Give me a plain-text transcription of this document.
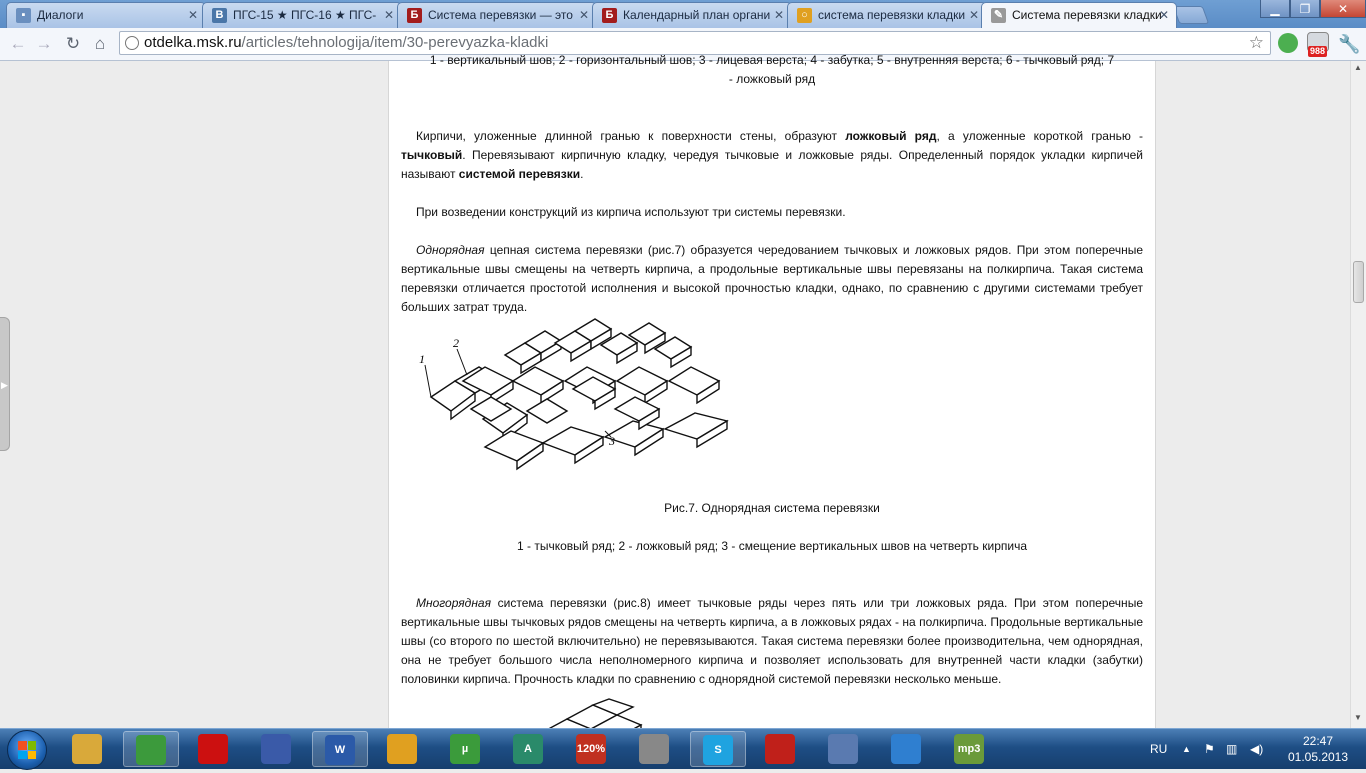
▪ Диалоги	✕	В ПГС-15 ★ ПГС-16 ★ ПГС- ✕	Б Система перевязки — это ✕	Б Календарный план органи ✕	○ система перевязки кладки ✕ ✎ Система перевязки кладки
✕	▁	❐	✕
← → ↻ ⌂	otdelka.msk.ru/articles/tehnologija/item/30-perevyazka-kladki	☆	988 🔧
▶

1 - вертикальный шов; 2 - горизонтальный шов; 3 - лицевая верста; 4 - забутка; 5 - внутренняя верста; 6 - тычковый ряд; 7

- ложковый ряд

Кирпичи, уложенные длинной гранью к поверхности стены, образуют ложковый ряд, а уложенные короткой гранью - тычковый. Перевязывают кирпичную кладку, чередуя тычковые и ложковые ряды. Определенный порядок укладки кирпичей называют системой перевязки.

При возведении конструкций из кирпича используют три системы перевязки.

Однорядная цепная система перевязки (рис.7) образуется чередованием тычковых и ложковых рядов. При этом поперечные вертикальные швы смещены на четверть кирпича, а продольные вертикальные швы перевязаны на полкирпича. Такая система перевязки отличается простотой исполнения и высокой прочностью кладки, однако, по сравнению с другими системами требует больших затрат труда.

1
2
3

Рис.7. Однорядная система перевязки

1 - тычковый ряд; 2 - ложковый ряд; 3 - смещение вертикальных швов на четверть кирпича

Многорядная система перевязки (рис.8) имеет тычковые ряды через пять или три ложковых ряда. При этом поперечные вертикальные швы тычковых рядов смещены на четверть кирпича, а в ложковых рядах - на полкирпича. Продольные вертикальные швы (со второго по шестой включительно) не перевязываются. Такая система перевязки более производительна, чем однорядная, она не требует большого числа неполномерного кирпича и позволяет использовать для внутренней части кладки (забутки) половинки кирпича. Прочность кладки по сравнению с однорядной системой перевязки несколько меньше.

▲
▼
W	µ	A	120%	S	mp3	RU ▲ ⚑ ▥ ◀)
22:47
01.05.2013
